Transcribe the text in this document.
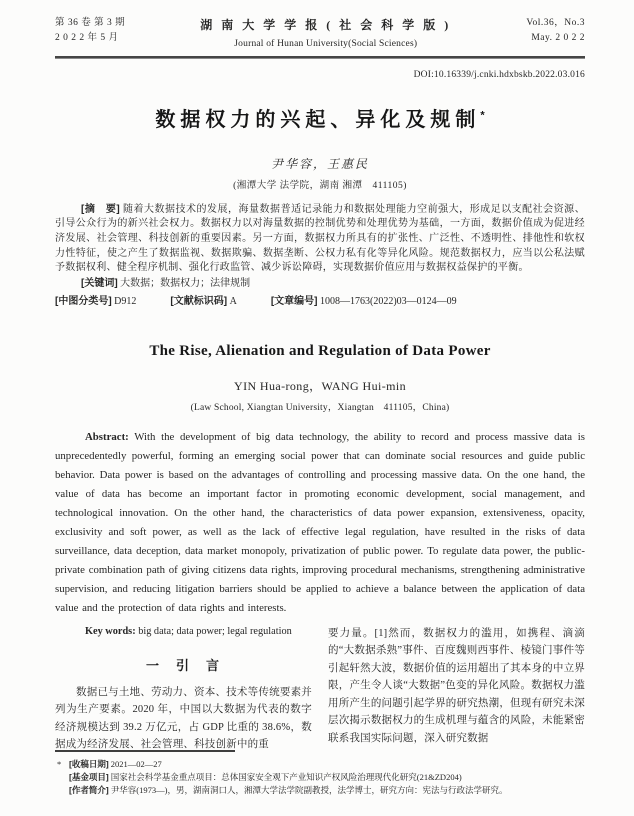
第 36 卷 第 3 期
2 0 2 2 年 5 月
湖 南 大 学 学 报 ( 社 会 科 学 版 )
Journal of Hunan University(Social Sciences)
Vol.36，No.3
May. 2 0 2 2
DOI:10.16339/j.cnki.hdxbskb.2022.03.016
数据权力的兴起、异化及规制*
尹华容，王惠民
(湘潭大学 法学院，湖南 湘潭　411105)

[摘　要] 随着大数据技术的发展，海量数据普适记录能力和数据处理能力空前强大，形成足以支配社会资源、引导公众行为的新兴社会权力。数据权力以对海量数据的控制优势和处理优势为基础，一方面，数据价值成为促进经济发展、社会管理、科技创新的重要因素。另一方面，数据权力所具有的扩张性、广泛性、不透明性、排他性和软权力性特征，使之产生了数据监视、数据欺骗、数据垄断、公权力私有化等异化风险。规范数据权力，应当以公私法赋予数据权利、健全程序机制、强化行政监管、减少诉讼障碍，实现数据价值应用与数据权益保护的平衡。

[关键词] 大数据；数据权力；法律规制

[中图分类号] D912	[文献标识码] A	[文章编号] 1008—1763(2022)03—0124—09
The Rise, Alienation and Regulation of Data Power
YIN Hua-rong，WANG Hui-min
(Law School, Xiangtan University，Xiangtan　411105，China)

Abstract: With the development of big data technology, the ability to record and process massive data is unprecedentedly powerful, forming an emerging social power that can dominate social resources and guide public behavior. Data power is based on the advantages of controlling and processing massive data. On the one hand, the value of data has become an important factor in promoting economic development, social management, and technological innovation. On the other hand, the characteristics of data power expansion, extensiveness, opacity, exclusivity and soft power, as well as the lack of effective legal regulation, have resulted in the risks of data surveillance, data deception, data market monopoly, privatization of public power. To regulate data power, the public-private combination path of giving citizens data rights, improving procedural mechanisms, strengthening administrative supervision, and reducing litigation barriers should be applied to achieve a balance between the application of data value and the protection of data rights and interests.

Key words: big data; data power; legal regulation

一　引　言

数据已与土地、劳动力、资本、技术等传统要素并列为生产要素。2020 年，中国以大数据为代表的数字经济规模达到 39.2 万亿元，占 GDP 比重的 38.6%，数据成为经济发展、社会管理、科技创新中的重

要力量。[1]然而，数据权力的滥用，如携程、滴滴的“大数据杀熟”事件、百度魏则西事件、棱镜门事件等引起轩然大波，数据价值的运用超出了其本身的中立界限，产生令人谈“大数据”色变的异化风险。数据权力滥用所产生的问题引起学界的研究热潮，但现有研究未深层次揭示数据权力的生成机理与蕴含的风险，未能紧密联系我国实际问题，深入研究数据

* [收稿日期] 2021—02—27
[基金项目] 国家社会科学基金重点项目：总体国家安全观下产业知识产权风险治理现代化研究(21&ZD204)
[作者简介] 尹华容(1973—)，男，湖南洞口人，湘潭大学法学院副教授，法学博士，研究方向：宪法与行政法学研究。
